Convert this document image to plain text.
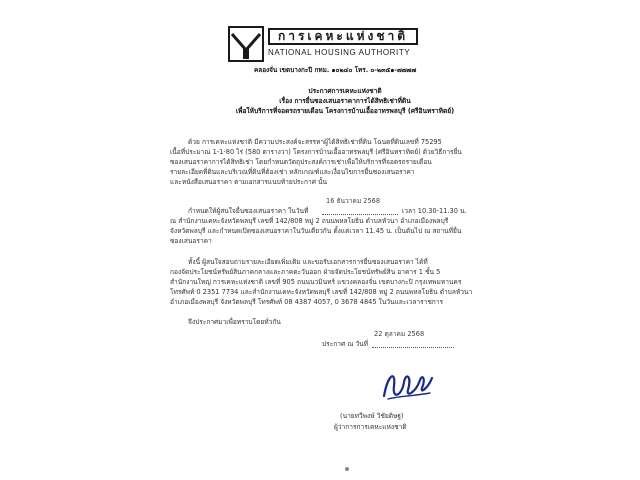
การเคหะแห่งชาติ
NATIONAL HOUSING AUTHORITY
คลองจั่น เขตบางกะปิ กทม. ๑๐๒๔๐ โทร. ๐-๒๓๕๑-๗๗๗๗
ประกาศการเคหะแห่งชาติ
เรื่อง การยื่นซองเสนอราคาการได้สิทธิเช่าที่ดิน
เพื่อให้บริการที่จอดรถรายเดือน โครงการบ้านเอื้ออาทรพลบุรี (ศรีอินทราทิตย์)
ด้วย การเคหะแห่งชาติ มีความประสงค์จะสรรหาผู้ได้สิทธิเช่าที่ดิน โฉนดที่ดินเลขที่ 75295
เนื้อที่ประมาณ 1-1-80 ไร่ (580 ตารางวา) โครงการบ้านเอื้ออาทรพลบุรี (ศรีอินทราทิตย์) ด้วยวิธีการยื่น
ซองเสนอราคาการได้สิทธิเช่า โดยกำหนดวัตถุประสงค์การเช่าเพื่อให้บริการที่จอดรถรายเดือน
รายละเอียดที่ดินและบริเวณที่ดินที่ต้องเช่า หลักเกณฑ์และเงื่อนไขการยื่นซองเสนอราคา
และหนังสือเสนอราคา ตามเอกสารแนบท้ายประกาศ นั้น
16 ธันวาคม 2568
กำหนดให้ผู้สนใจยื่นซองเสนอราคา ในวันที่	เวลา 10.30-11.30 น.
ณ สำนักงานเคหะจังหวัดพลบุรี เลขที่ 142/808 หมู่ 2 ถนนพหลโยธิน ตำบลหัวนา อำเภอเมืองพลบุรี
จังหวัดพลบุรี และกำหนดเปิดซองเสนอราคาในวันเดียวกัน ตั้งแต่เวลา 11.45 น. เป็นต้นไป ณ สถานที่ยื่น
ซองเสนอราคา
ทั้งนี้ ผู้สนใจสอบถามรายละเอียดเพิ่มเติม และขอรับเอกสารการยื่นซองเสนอราคา ได้ที่
กองจัดประโยชน์ทรัพย์สินภาคกลางและภาคตะวันออก ฝ่ายจัดประโยชน์ทรัพย์สิน อาคาร 1 ชั้น 5
สำนักงานใหญ่ การเคหะแห่งชาติ เลขที่ 905 ถนนนวมินทร์ แขวงคลองจั่น เขตบางกะปิ กรุงเทพมหานคร
โทรศัพท์ 0 2351 7734 และสำนักงานเคหะจังหวัดพลบุรี เลขที่ 142/808 หมู่ 2 ถนนพหลโยธิน ตำบลหัวนา
อำเภอเมืองพลบุรี จังหวัดพลบุรี โทรศัพท์ 08 4387 4057, 0 3678 4845 ในวันและเวลาราชการ
จึงประกาศมาเพื่อทราบโดยทั่วกัน
22 ตุลาคม 2568
ประกาศ ณ วันที่
(นายทวีพงษ์ วิชัยดิษฐ)
ผู้ว่าการการเคหะแห่งชาติ
